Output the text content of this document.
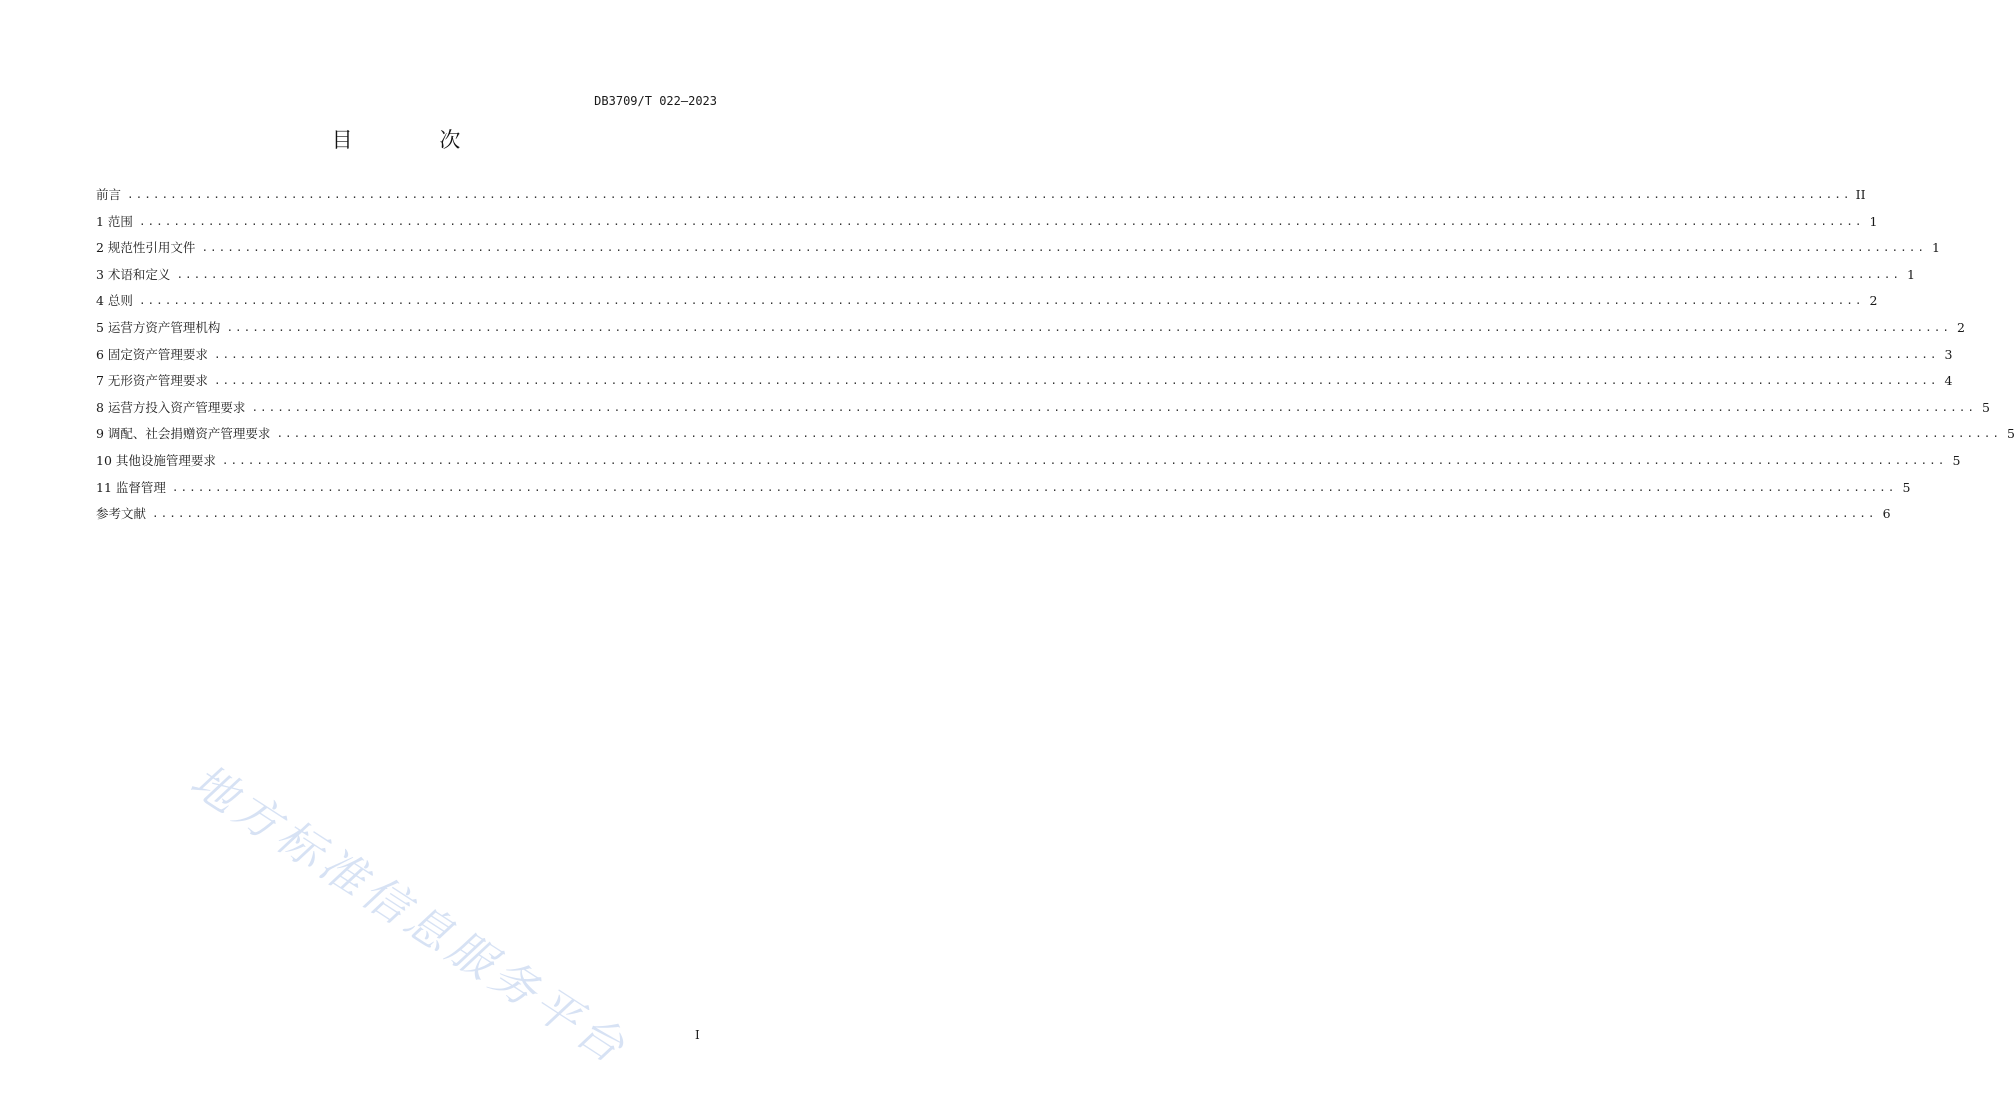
DB3709/T 022—2023
目 次
前言 ........................................................................................................................................................................................................ II
1 范围 ........................................................................................................................................................................................................ 1
2 规范性引用文件 ........................................................................................................................................................................................................ 1
3 术语和定义 ........................................................................................................................................................................................................ 1
4 总则 ........................................................................................................................................................................................................ 2
5 运营方资产管理机构 ........................................................................................................................................................................................................ 2
6 固定资产管理要求 ........................................................................................................................................................................................................ 3
7 无形资产管理要求 ........................................................................................................................................................................................................ 4
8 运营方投入资产管理要求 ........................................................................................................................................................................................................ 5
9 调配、社会捐赠资产管理要求 ........................................................................................................................................................................................................ 5
10 其他设施管理要求 ........................................................................................................................................................................................................ 5
11 监督管理 ........................................................................................................................................................................................................ 5
参考文献 ........................................................................................................................................................................................................ 6
地方标准信息服务平台	I
